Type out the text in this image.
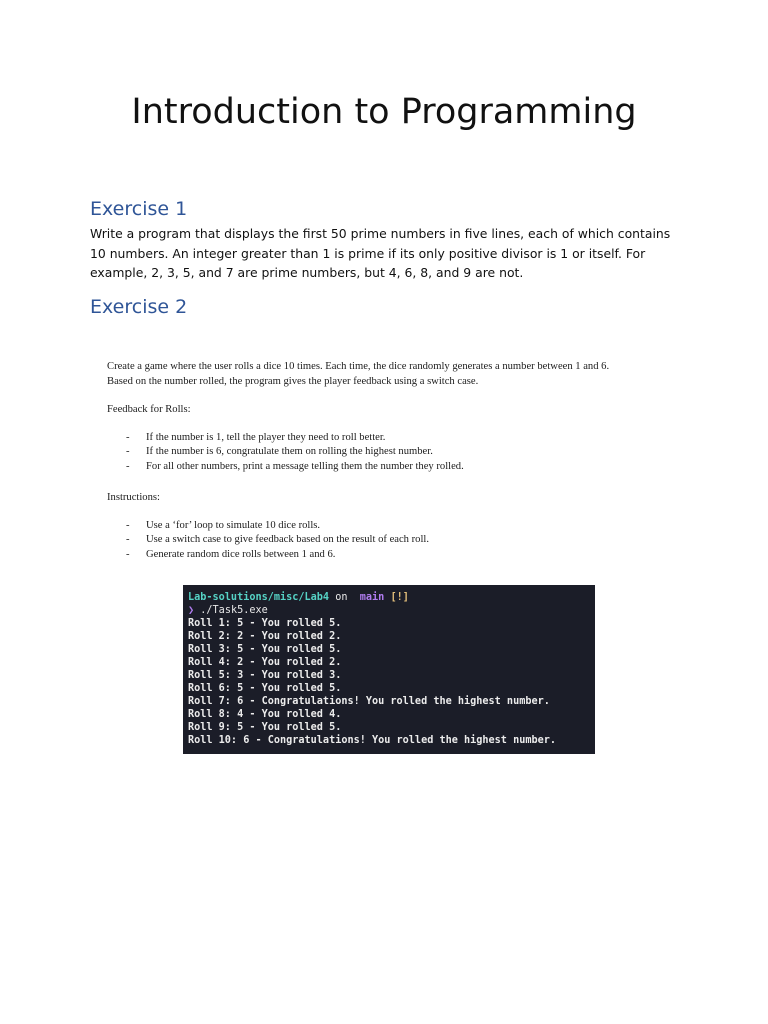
Introduction to Programming
Exercise 1
Write a program that displays the first 50 prime numbers in five lines, each of which contains 10 numbers. An integer greater than 1 is prime if its only positive divisor is 1 or itself. For example, 2, 3, 5, and 7 are prime numbers, but 4, 6, 8, and 9 are not.
Exercise 2

Create a game where the user rolls a dice 10 times. Each time, the dice randomly generates a number between 1 and 6.

Based on the number rolled, the program gives the player feedback using a switch case.

Feedback for Rolls:

- If the number is 1, tell the player they need to roll better.
- If the number is 6, congratulate them on rolling the highest number.
- For all other numbers, print a message telling them the number they rolled.

Instructions:

- Use a ‘for’ loop to simulate 10 dice rolls.
- Use a switch case to give feedback based on the result of each roll.
- Generate random dice rolls between 1 and 6.
Lab-solutions/misc/Lab4 on main [!]
❯ ./Task5.exe
Roll 1: 5 - You rolled 5.
Roll 2: 2 - You rolled 2.
Roll 3: 5 - You rolled 5.
Roll 4: 2 - You rolled 2.
Roll 5: 3 - You rolled 3.
Roll 6: 5 - You rolled 5.
Roll 7: 6 - Congratulations! You rolled the highest number.
Roll 8: 4 - You rolled 4.
Roll 9: 5 - You rolled 5.
Roll 10: 6 - Congratulations! You rolled the highest number.
